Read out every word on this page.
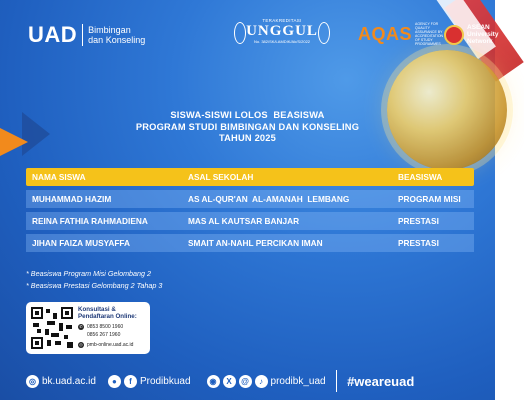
UAD Bimbingan
dan Konseling
TERAKREDITASI
UNGGUL
No. 382/SK/LAMDIK/Ak/S/2022	AQAS AGENCY FOR QUALITY ASSURANCE BY ACCREDITATION OF STUDY PROGRAMMES
ASEAN
University
Network
SISWA-SISWI LOLOS  BEASISWA
PROGRAM STUDI BIMBINGAN DAN KONSELING
TAHUN 2025
NAMA SISWA	ASAL SEKOLAH	BEASISWA
MUHAMMAD HAZIM	AS AL-QUR'AN  AL-AMANAH  LEMBANG	PROGRAM MISI
REINA FATHIA RAHMADIENA	MAS AL KAUTSAR BANJAR	PRESTASI
JIHAN FAIZA MUSYAFFA	SMAIT AN-NAHL PERCIKAN IMAN	PRESTASI
* Beasiswa Program Misi Gelombang 2
* Beasiswa Prestasi Gelombang 2 Tahap 3
Konsultasi &
Pendaftaran Online:
✆ 0853 8500 1960
0856 267 1960
◎ pmb-online.uad.ac.id
◎ bk.uad.ac.id	●	f Prodibkuad	◉	X	@	♪ prodibk_uad #weareuad
